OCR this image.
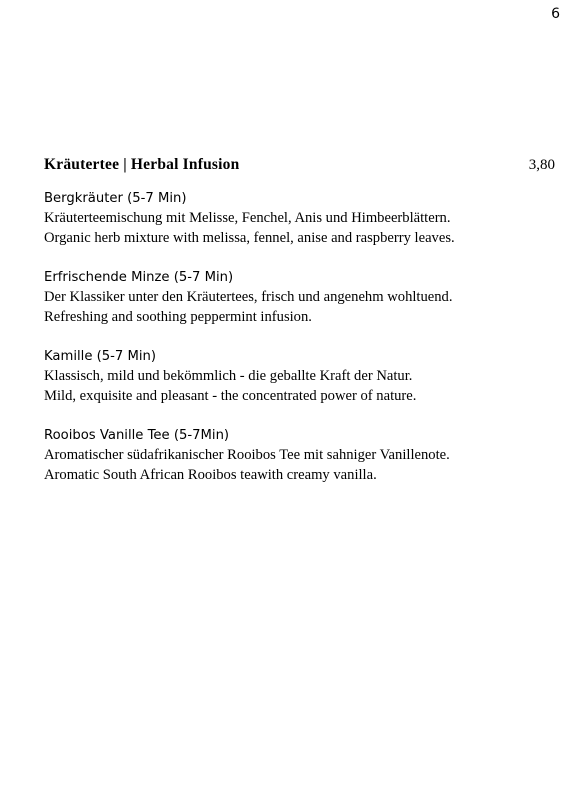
6
Kräutertee | Herbal Infusion	3,80
Bergkräuter (5-7 Min)
Kräuterteemischung mit Melisse, Fenchel, Anis und Himbeerblättern.
Organic herb mixture with melissa, fennel, anise and raspberry leaves.
Erfrischende Minze (5-7 Min)
Der Klassiker unter den Kräutertees, frisch und angenehm wohltuend.
Refreshing and soothing peppermint infusion.
Kamille (5-7 Min)
Klassisch, mild und bekömmlich - die geballte Kraft der Natur.
Mild, exquisite and pleasant - the concentrated power of nature.
Rooibos Vanille Tee (5-7Min)
Aromatischer südafrikanischer Rooibos Tee mit sahniger Vanillenote.
Aromatic South African Rooibos teawith creamy vanilla.
